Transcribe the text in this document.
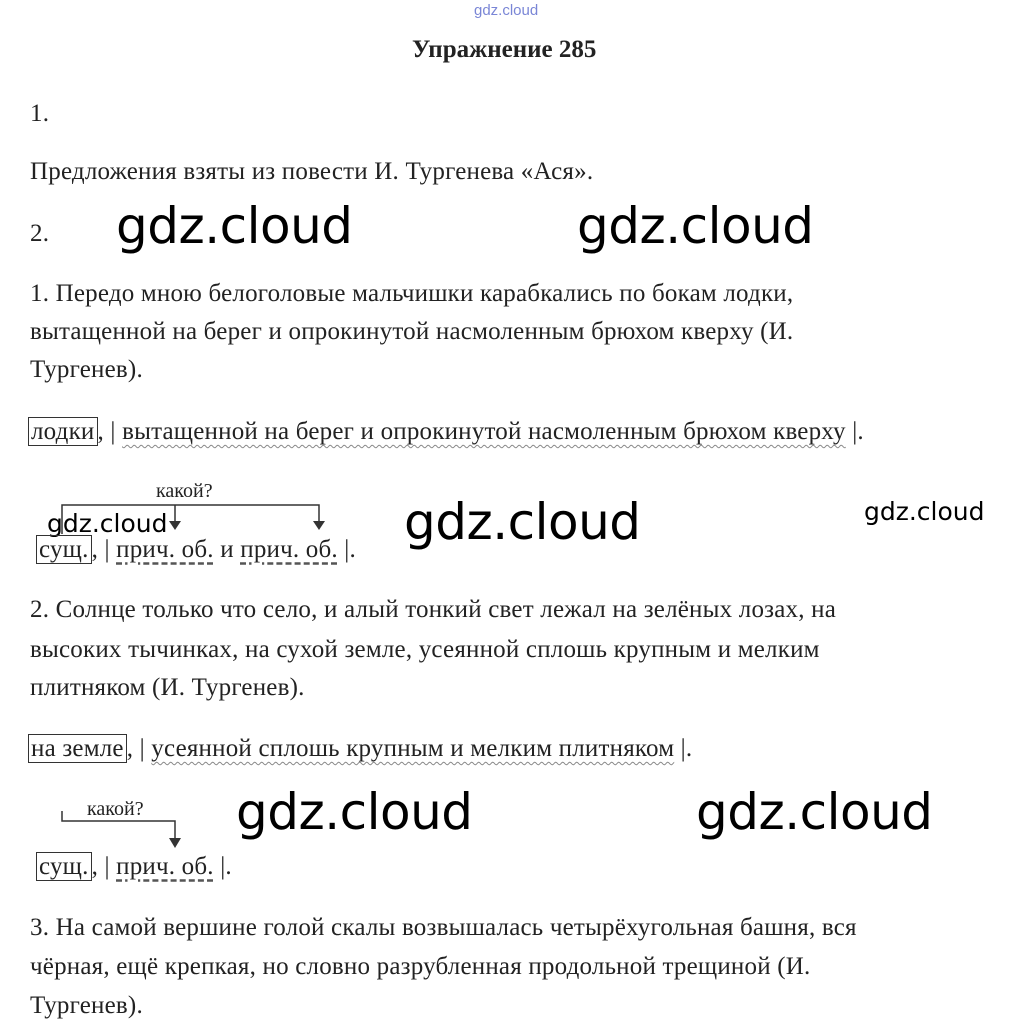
gdz.cloud
Упражнение 285
1.
Предложения взяты из повести И. Тургенева «Ася».
2. gdz.cloud	gdz.cloud
1. Передо мною белоголовые мальчишки карабкались по бокам лодки,
вытащенной на берег и опрокинутой насмоленным брюхом кверху (И.
Тургенев).
лодки , | вытащенной на берег и опрокинутой насмоленным брюхом кверху |.
какой?
gdz.cloud
сущ. , | прич. об. и прич. об. |. gdz.cloud	gdz.cloud
2. Солнце только что село, и алый тонкий свет лежал на зелёных лозах, на
высоких тычинках, на сухой земле, усеянной сплошь крупным и мелким
плитняком (И. Тургенев).
на земле , | усеянной сплошь крупным и мелким плитняком |.
какой?
сущ. , | прич. об. |.
gdz.cloud	gdz.cloud
3. На самой вершине голой скалы возвышалась четырёхугольная башня, вся
чёрная, ещё крепкая, но словно разрубленная продольной трещиной (И.
Тургенев).
